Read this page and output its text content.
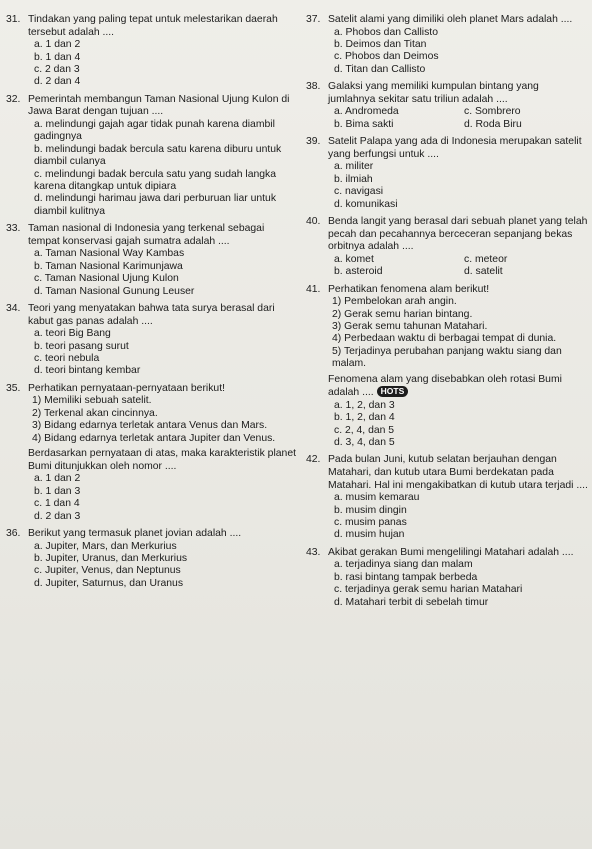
31. Tindakan yang paling tepat untuk melestarikan daerah tersebut adalah ....
a. 1 dan 2
b. 1 dan 4
c. 2 dan 3
d. 2 dan 4
32. Pemerintah membangun Taman Nasional Ujung Kulon di Jawa Barat dengan tujuan ....
a. melindungi gajah agar tidak punah karena diambil gadingnya
b. melindungi badak bercula satu karena diburu untuk diambil culanya
c. melindungi badak bercula satu yang sudah langka karena ditangkap untuk dipiara
d. melindungi harimau jawa dari perburuan liar untuk diambil kulitnya
33. Taman nasional di Indonesia yang terkenal sebagai tempat konservasi gajah sumatra adalah ....
a. Taman Nasional Way Kambas
b. Taman Nasional Karimunjawa
c. Taman Nasional Ujung Kulon
d. Taman Nasional Gunung Leuser
34. Teori yang menyatakan bahwa tata surya berasal dari kabut gas panas adalah ....
a. teori Big Bang
b. teori pasang surut
c. teori nebula
d. teori bintang kembar
35. Perhatikan pernyataan-pernyataan berikut!
1) Memiliki sebuah satelit.
2) Terkenal akan cincinnya.
3) Bidang edarnya terletak antara Venus dan Mars.
4) Bidang edarnya terletak antara Jupiter dan Venus.
Berdasarkan pernyataan di atas, maka karakteristik planet Bumi ditunjukkan oleh nomor ....
a. 1 dan 2
b. 1 dan 3
c. 1 dan 4
d. 2 dan 3
36. Berikut yang termasuk planet jovian adalah ....
a. Jupiter, Mars, dan Merkurius
b. Jupiter, Uranus, dan Merkurius
c. Jupiter, Venus, dan Neptunus
d. Jupiter, Saturnus, dan Uranus
37. Satelit alami yang dimiliki oleh planet Mars adalah ....
a. Phobos dan Callisto
b. Deimos dan Titan
c. Phobos dan Deimos
d. Titan dan Callisto
38. Galaksi yang memiliki kumpulan bintang yang jumlahnya sekitar satu triliun adalah ....
a. Andromeda	c. Sombrero
b. Bima sakti	d. Roda Biru
39. Satelit Palapa yang ada di Indonesia merupakan satelit yang berfungsi untuk ....
a. militer
b. ilmiah
c. navigasi
d. komunikasi
40. Benda langit yang berasal dari sebuah planet yang telah pecah dan pecahannya berceceran sepanjang bekas orbitnya adalah ....
a. komet	c. meteor
b. asteroid	d. satelit
41. Perhatikan fenomena alam berikut!
1) Pembelokan arah angin.
2) Gerak semu harian bintang.
3) Gerak semu tahunan Matahari.
4) Perbedaan waktu di berbagai tempat di dunia.
5) Terjadinya perubahan panjang waktu siang dan malam.
Fenomena alam yang disebabkan oleh rotasi Bumi adalah .... HOTS
a. 1, 2, dan 3
b. 1, 2, dan 4
c. 2, 4, dan 5
d. 3, 4, dan 5
42. Pada bulan Juni, kutub selatan berjauhan dengan Matahari, dan kutub utara Bumi berdekatan pada Matahari. Hal ini mengakibatkan di kutub utara terjadi ....
a. musim kemarau
b. musim dingin
c. musim panas
d. musim hujan
43. Akibat gerakan Bumi mengelilingi Matahari adalah ....
a. terjadinya siang dan malam
b. rasi bintang tampak berbeda
c. terjadinya gerak semu harian Matahari
d. Matahari terbit di sebelah timur
